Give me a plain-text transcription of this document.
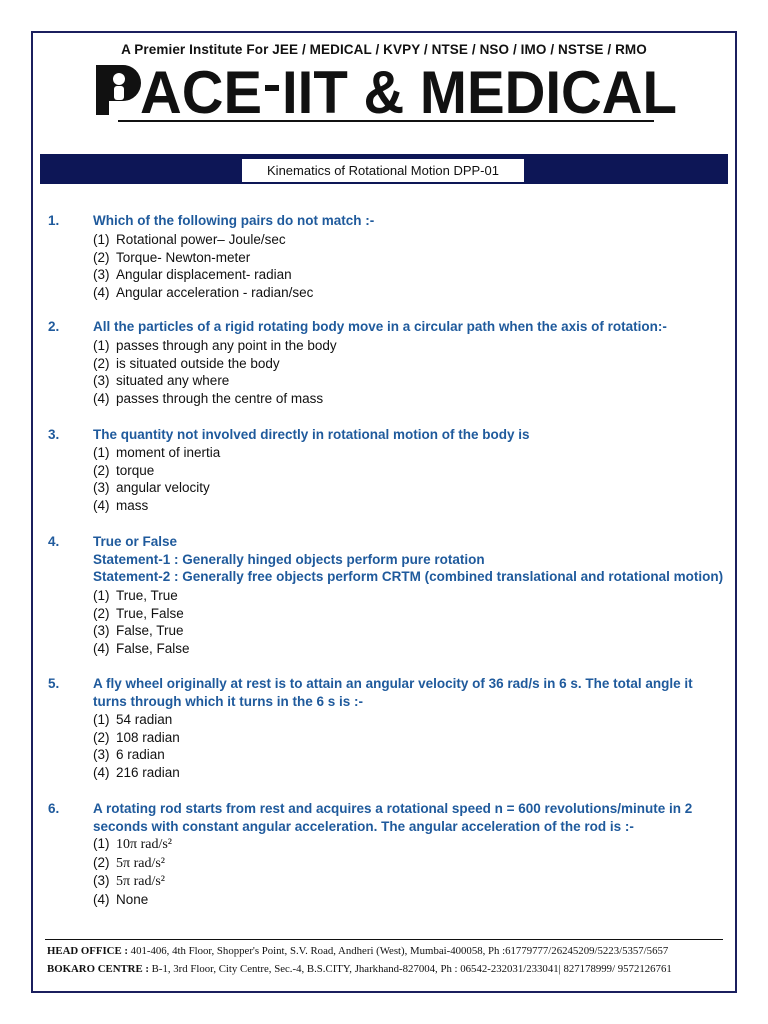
A Premier Institute For JEE / MEDICAL / KVPY / NTSE / NSO / IMO / NSTSE / RMO
ACE IIT & MEDICAL
Kinematics of Rotational Motion DPP-01
1. Which of the following pairs do not match :-
(1) Rotational power– Joule/sec
(2) Torque- Newton-meter
(3) Angular displacement- radian
(4) Angular acceleration - radian/sec
2. All the particles of a rigid rotating body move in a circular path when the axis of rotation:-
(1) passes through any point in the body
(2) is situated outside the body
(3) situated any where
(4) passes through the centre of mass
3. The quantity not involved directly in rotational motion of the body is
(1) moment of inertia
(2) torque
(3) angular velocity
(4) mass
4. True or False
Statement-1 : Generally hinged objects perform pure rotation
Statement-2 : Generally free objects perform CRTM (combined translational and rotational motion)
(1) True, True
(2) True, False
(3) False, True
(4) False, False
5. A fly wheel originally at rest is to attain an angular velocity of 36 rad/s in 6 s. The total angle it turns through which it turns in the 6 s is :-
(1) 54 radian
(2) 108 radian
(3) 6 radian
(4) 216 radian
6. A rotating rod starts from rest and acquires a rotational speed n = 600 revolutions/minute in 2 seconds with constant angular acceleration. The angular acceleration of the rod is :-
(1) 10π rad/s²
(2) 5π rad/s²
(3) 5π rad/s²
(4) None
HEAD OFFICE : 401-406, 4th Floor, Shopper's Point, S.V. Road, Andheri (West), Mumbai-400058, Ph :61779777/26245209/5223/5357/5657
BOKARO CENTRE : B-1, 3rd Floor, City Centre, Sec.-4, B.S.CITY, Jharkhand-827004, Ph : 06542-232031/233041| 827178999/ 9572126761
